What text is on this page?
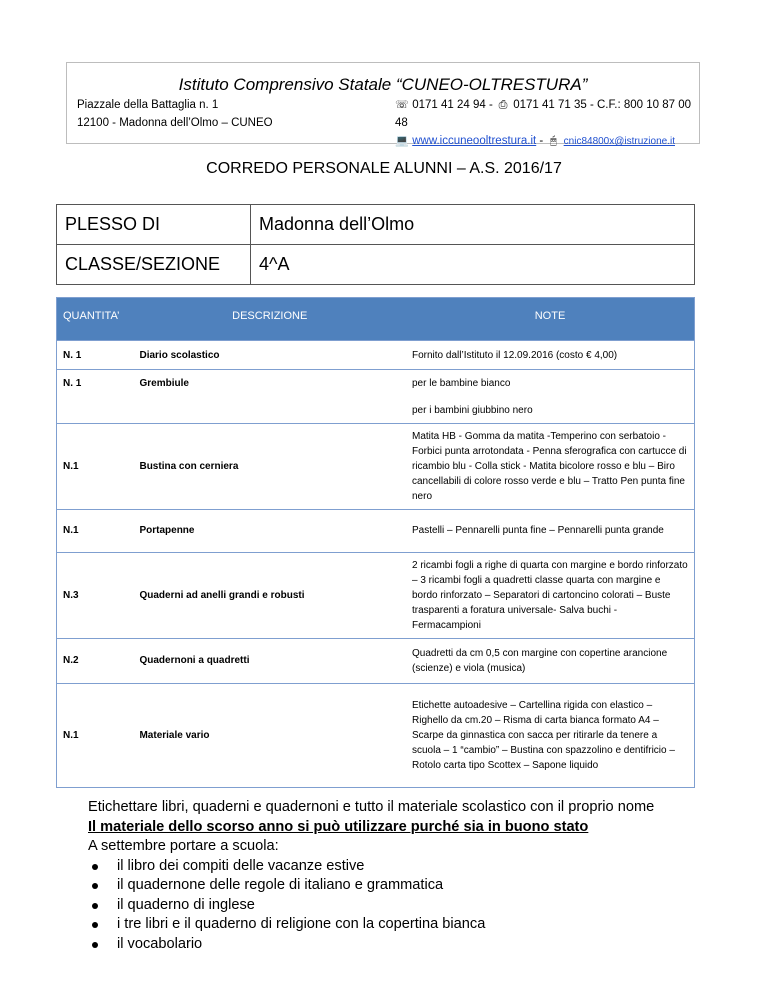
Istituto Comprensivo Statale “CUNEO-OLTRESTURA”
Piazzale della Battaglia n. 1
12100 - Madonna dell’Olmo – CUNEO
☏ 0171 41 24 94 - ⎙ 0171 41 71 35 - C.F.: 800 10 87 00 48
💻 www.iccuneooltrestura.it - 🖱 cnic84800x@istruzione.it
CORREDO PERSONALE ALUNNI – A.S. 2016/17
PLESSO DI	Madonna dell’Olmo
CLASSE/SEZIONE	4^A
QUANTITA’	DESCRIZIONE	NOTE
N. 1	Diario scolastico	Fornito dall’Istituto il 12.09.2016 (costo € 4,00)
N. 1	Grembiule	per le bambine bianco
		per i bambini giubbino nero
N.1	Bustina con cerniera	Matita HB - Gomma da matita -Temperino con serbatoio - Forbici punta arrotondata - Penna sferografica con cartucce di ricambio blu - Colla stick - Matita bicolore rosso e blu – Biro cancellabili di colore rosso verde e blu – Tratto Pen punta fine nero
N.1	Portapenne	Pastelli – Pennarelli punta fine – Pennarelli punta grande
N.3	Quaderni ad anelli grandi e robusti	2 ricambi fogli a righe di quarta con margine e bordo rinforzato – 3 ricambi fogli a quadretti classe quarta con margine e bordo rinforzato – Separatori di cartoncino colorati – Buste trasparenti a foratura universale- Salva buchi - Fermacampioni
N.2	Quadernoni a quadretti	Quadretti da cm 0,5 con margine con copertine arancione (scienze) e viola (musica)
N.1	Materiale vario	Etichette autoadesive – Cartellina rigida con elastico – Righello da cm.20 – Risma di carta bianca formato A4 – Scarpe da ginnastica con sacca per ritirarle da tenere a scuola – 1 “cambio” – Bustina con spazzolino e dentifricio – Rotolo carta tipo Scottex – Sapone liquido
Etichettare libri, quaderni e quadernoni e tutto il materiale scolastico con il proprio nome
Il materiale dello scorso anno si può utilizzare purché sia in buono stato
A settembre portare a scuola:
il libro dei compiti delle vacanze estive
il quadernone delle regole di italiano e grammatica
il quaderno di inglese
i tre libri e il quaderno di religione con la copertina bianca
il vocabolario
